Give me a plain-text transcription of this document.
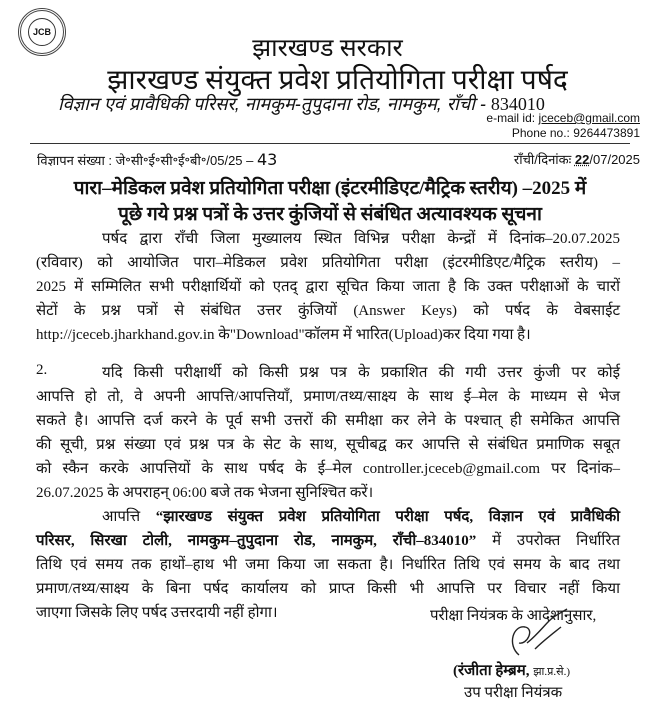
JCB
झारखण्ड सरकार
झारखण्ड संयुक्त प्रवेश प्रतियोगिता परीक्षा पर्षद
विज्ञान एवं प्रावैधिकी परिसर, नामकुम-तुपुदाना रोड, नामकुम, राँची - 834010
e-mail id: jceceb@gmail.com
Phone no.: 9264473891
विज्ञापन संख्या : जे॰सी॰ई॰सी॰ई॰बी॰/05/25 – 43	राँची/दिनांकः 22/07/2025
पारा–मेडिकल प्रवेश प्रतियोगिता परीक्षा (इंटरमीडिएट/मैट्रिक स्तरीय) –2025 में
पूछे गये प्रश्न पत्रों के उत्तर कुंजियों से संबंधित अत्यावश्यक सूचना
पर्षद द्वारा राँची जिला मुख्यालय स्थित विभिन्न परीक्षा केन्द्रों में दिनांक–20.07.2025
(रविवार) को आयोजित पारा–मेडिकल प्रवेश प्रतियोगिता परीक्षा (इंटरमीडिएट/मैट्रिक स्तरीय) –
2025 में सम्मिलित सभी परीक्षार्थियों को एतद् द्वारा सूचित किया जाता है कि उक्त परीक्षाओं के चारों
सेटों के प्रश्न पत्रों से संबंधित उत्तर कुंजियों (Answer Keys) को पर्षद के वेबसाईट
http://jceceb.jharkhand.gov.in के"Download"कॉलम में भारित(Upload)कर दिया गया है।
2.	यदि किसी परीक्षार्थी को किसी प्रश्न पत्र के प्रकाशित की गयी उत्तर कुंजी पर कोई
आपत्ति हो तो, वे अपनी आपत्ति/आपत्तियाँ, प्रमाण/तथ्य/साक्ष्य के साथ ई–मेल के माध्यम से भेज
सकते है। आपत्ति दर्ज करने के पूर्व सभी उत्तरों की समीक्षा कर लेने के पश्चात् ही समेकित आपत्ति
की सूची, प्रश्न संख्या एवं प्रश्न पत्र के सेट के साथ, सूचीबद्व कर आपत्ति से संबंधित प्रमाणिक सबूत
को स्कैन करके आपत्तियों के साथ पर्षद के ई–मेल controller.jceceb@gmail.com पर दिनांक–
26.07.2025 के अपराहन् 06:00 बजे तक भेजना सुनिश्चित करें।
आपत्ति “झारखण्ड संयुक्त प्रवेश प्रतियोगिता परीक्षा पर्षद, विज्ञान एवं प्रावैधिकी
परिसर, सिरखा टोली, नामकुम–तुपुदाना रोड, नामकुम, राँची–834010” में उपरोक्त निर्धारित
तिथि एवं समय तक हाथों–हाथ भी जमा किया जा सकता है। निर्धारित तिथि एवं समय के बाद तथा
प्रमाण/तथ्य/साक्ष्य के बिना पर्षद कार्यालय को प्राप्त किसी भी आपत्ति पर विचार नहीं किया
जाएगा जिसके लिए पर्षद उत्तरदायी नहीं होगा।	परीक्षा नियंत्रक के आदेशानुसार,
(रंजीता हेम्ब्रम, झा.प्र.से.)
उप परीक्षा नियंत्रक
